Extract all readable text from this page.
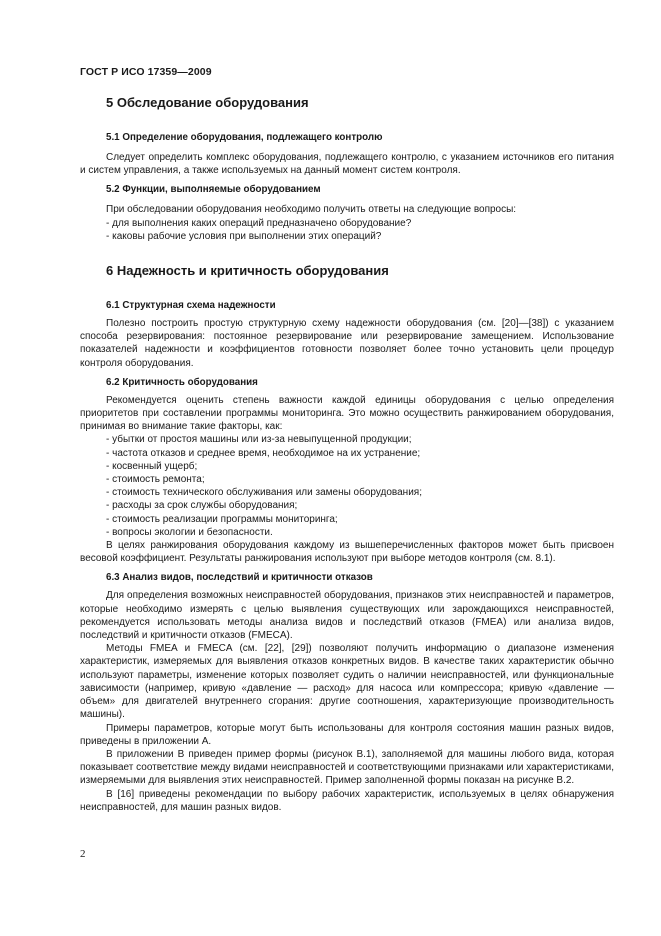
ГОСТ Р ИСО 17359—2009
5 Обследование оборудования
5.1 Определение оборудования, подлежащего контролю

Следует определить комплекс оборудования, подлежащего контролю, с указанием источников его питания и систем управления, а также используемых на данный момент систем контроля.

5.2 Функции, выполняемые оборудованием

При обследовании оборудования необходимо получить ответы на следующие вопросы:

- для выполнения каких операций предназначено оборудование?
- каковы рабочие условия при выполнении этих операций?
6 Надежность и критичность оборудования
6.1 Структурная схема надежности

Полезно построить простую структурную схему надежности оборудования (см. [20]—[38]) с указанием способа резервирования: постоянное резервирование или резервирование замещением. Использование показателей надежности и коэффициентов готовности позволяет более точно установить цели процедур контроля оборудования.

6.2 Критичность оборудования

Рекомендуется оценить степень важности каждой единицы оборудования с целью определения приоритетов при составлении программы мониторинга. Это можно осуществить ранжированием оборудования, принимая во внимание такие факторы, как:

- убытки от простоя машины или из-за невыпущенной продукции;
- частота отказов и среднее время, необходимое на их устранение;
- косвенный ущерб;
- стоимость ремонта;
- стоимость технического обслуживания или замены оборудования;
- расходы за срок службы оборудования;
- стоимость реализации программы мониторинга;
- вопросы экологии и безопасности.

В целях ранжирования оборудования каждому из вышеперечисленных факторов может быть присвоен весовой коэффициент. Результаты ранжирования используют при выборе методов контроля (см. 8.1).

6.3 Анализ видов, последствий и критичности отказов

Для определения возможных неисправностей оборудования, признаков этих неисправностей и параметров, которые необходимо измерять с целью выявления существующих или зарождающихся неисправностей, рекомендуется использовать методы анализа видов и последствий отказов (FMEA) или анализа видов, последствий и критичности отказов (FMECA).

Методы FMEA и FMECA (см. [22], [29]) позволяют получить информацию о диапазоне изменения характеристик, измеряемых для выявления отказов конкретных видов. В качестве таких характеристик обычно используют параметры, изменение которых позволяет судить о наличии неисправностей, или функциональные зависимости (например, кривую «давление — расход» для насоса или компрессора; кривую «давление — объем» для двигателей внутреннего сгорания: другие соотношения, характеризующие производительность машины).

Примеры параметров, которые могут быть использованы для контроля состояния машин разных видов, приведены в приложении А.

В приложении В приведен пример формы (рисунок В.1), заполняемой для машины любого вида, которая показывает соответствие между видами неисправностей и соответствующими признаками или характеристиками, измеряемыми для выявления этих неисправностей. Пример заполненной формы показан на рисунке В.2.

В [16] приведены рекомендации по выбору рабочих характеристик, используемых в целях обнаружения неисправностей, для машин разных видов.

2
